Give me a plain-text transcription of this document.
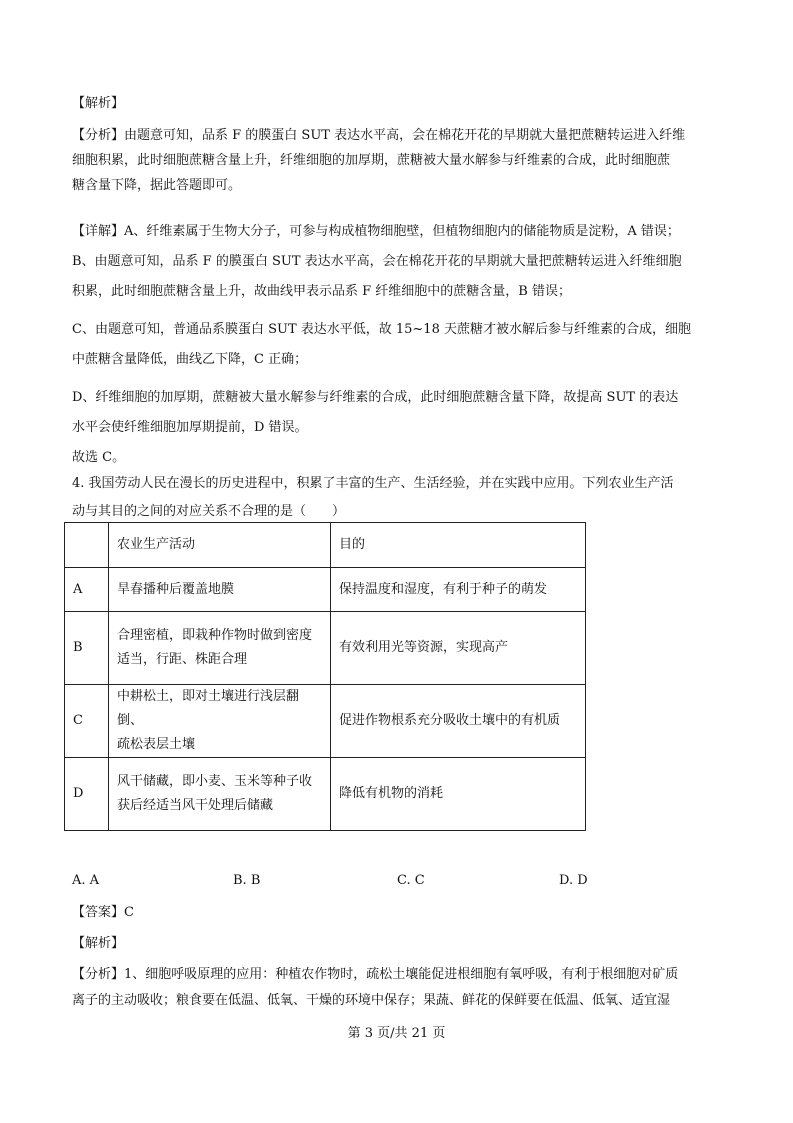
【解析】
【分析】由题意可知，品系 F 的膜蛋白 SUT 表达水平高，会在棉花开花的早期就大量把蔗糖转运进入纤维
细胞积累，此时细胞蔗糖含量上升，纤维细胞的加厚期，蔗糖被大量水解参与纤维素的合成，此时细胞蔗
糖含量下降，据此答题即可。
【详解】A、纤维素属于生物大分子，可参与构成植物细胞壁，但植物细胞内的储能物质是淀粉，A 错误；
B、由题意可知，品系 F 的膜蛋白 SUT 表达水平高，会在棉花开花的早期就大量把蔗糖转运进入纤维细胞
积累，此时细胞蔗糖含量上升，故曲线甲表示品系 F 纤维细胞中的蔗糖含量，B 错误；
C、由题意可知，普通品系膜蛋白 SUT 表达水平低，故 15~18 天蔗糖才被水解后参与纤维素的合成，细胞
中蔗糖含量降低，曲线乙下降，C 正确；
D、纤维细胞的加厚期，蔗糖被大量水解参与纤维素的合成，此时细胞蔗糖含量下降，故提高 SUT 的表达
水平会使纤维细胞加厚期提前，D 错误。
故选 C。
4. 我国劳动人民在漫长的历史进程中，积累了丰富的生产、生活经验，并在实践中应用。下列农业生产活
动与其目的之间的对应关系不合理的是（　　）
	农业生产活动	目的
A	旱春播种后覆盖地膜	保持温度和湿度，有利于种子的萌发
B	合理密植，即栽种作物时做到密度
适当，行距、株距合理	有效利用光等资源，实现高产
C	中耕松土，即对土壤进行浅层翻倒、
疏松表层土壤	促进作物根系充分吸收土壤中的有机质
D	风干储藏，即小麦、玉米等种子收
获后经适当风干处理后储藏	降低有机物的消耗
A. A	B. B	C. C	D. D
【答案】C
【解析】
【分析】1、细胞呼吸原理的应用：种植农作物时，疏松土壤能促进根细胞有氧呼吸，有利于根细胞对矿质
离子的主动吸收；粮食要在低温、低氧、干燥的环境中保存；果蔬、鲜花的保鲜要在低温、低氧、适宜湿
第 3 页/共 21 页
